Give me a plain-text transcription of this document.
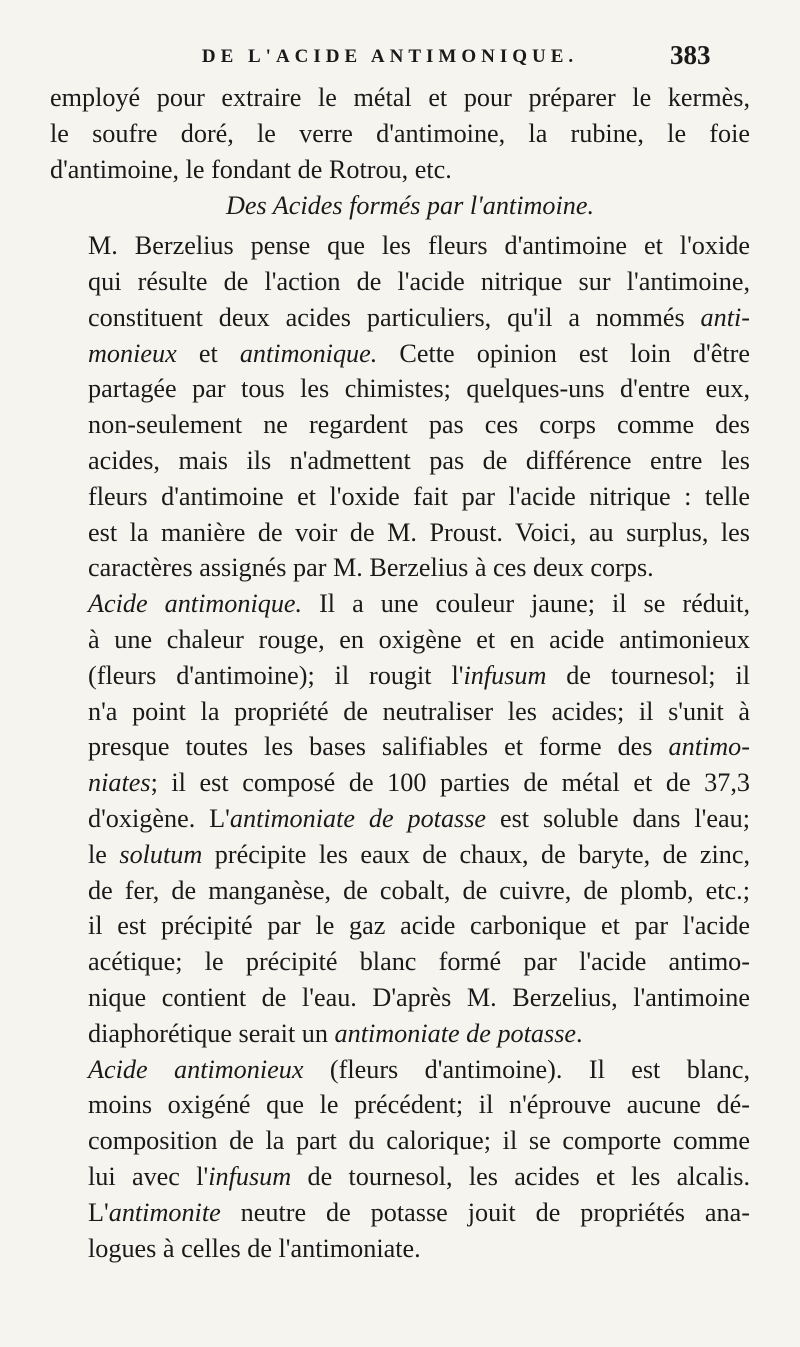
DE L'ACIDE ANTIMONIQUE.	383

employé pour extraire le métal et pour préparer le kermès,
le soufre doré, le verre d'antimoine, la rubine, le foie
d'antimoine, le fondant de Rotrou, etc.

Des Acides formés par l'antimoine.

M. Berzelius pense que les fleurs d'antimoine et l'oxide
qui résulte de l'action de l'acide nitrique sur l'antimoine,
constituent deux acides particuliers, qu'il a nommés anti-
monieux et antimonique. Cette opinion est loin d'être
partagée par tous les chimistes; quelques-uns d'entre eux,
non-seulement ne regardent pas ces corps comme des
acides, mais ils n'admettent pas de différence entre les
fleurs d'antimoine et l'oxide fait par l'acide nitrique : telle
est la manière de voir de M. Proust. Voici, au surplus, les
caractères assignés par M. Berzelius à ces deux corps.

Acide antimonique. Il a une couleur jaune; il se réduit,
à une chaleur rouge, en oxigène et en acide antimonieux
(fleurs d'antimoine); il rougit l'infusum de tournesol; il
n'a point la propriété de neutraliser les acides; il s'unit à
presque toutes les bases salifiables et forme des antimo-
niates; il est composé de 100 parties de métal et de 37,3
d'oxigène. L'antimoniate de potasse est soluble dans l'eau;
le solutum précipite les eaux de chaux, de baryte, de zinc,
de fer, de manganèse, de cobalt, de cuivre, de plomb, etc.;
il est précipité par le gaz acide carbonique et par l'acide
acétique; le précipité blanc formé par l'acide antimo-
nique contient de l'eau. D'après M. Berzelius, l'antimoine
diaphorétique serait un antimoniate de potasse.

Acide antimonieux (fleurs d'antimoine). Il est blanc,
moins oxigéné que le précédent; il n'éprouve aucune dé-
composition de la part du calorique; il se comporte comme
lui avec l'infusum de tournesol, les acides et les alcalis.
L'antimonite neutre de potasse jouit de propriétés ana-
logues à celles de l'antimoniate.
